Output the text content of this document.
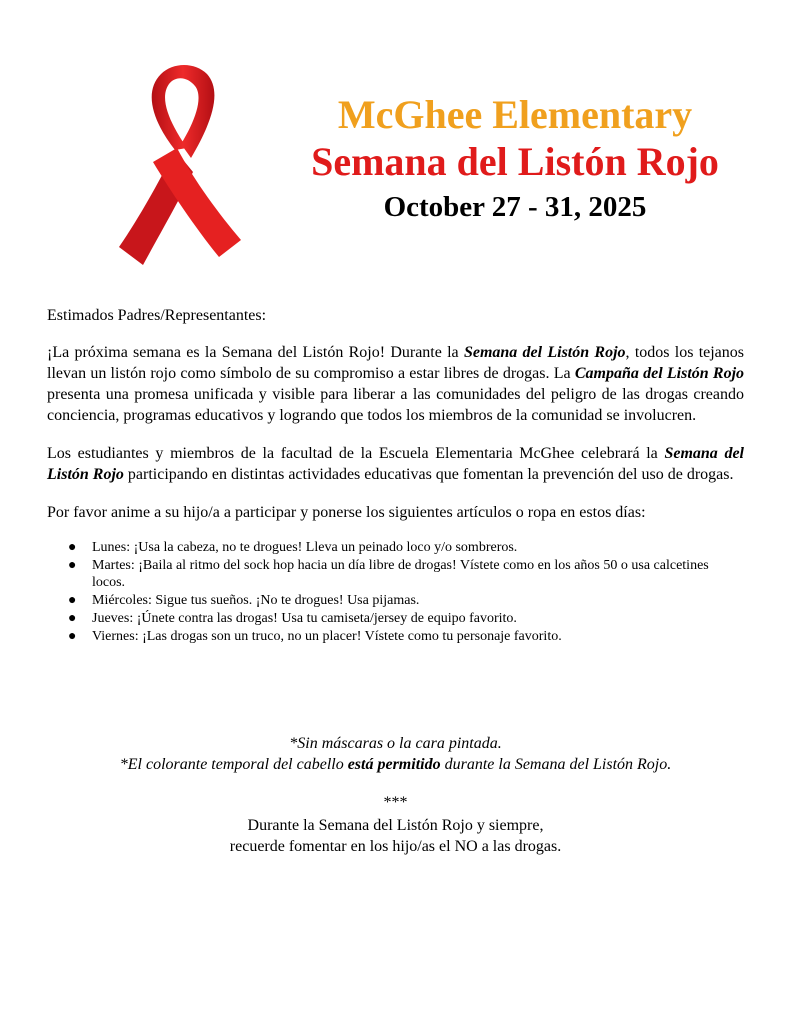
McGhee Elementary
Semana del Listón Rojo
October 27 - 31, 2025

Estimados Padres/Representantes:

¡La próxima semana es la Semana del Listón Rojo! Durante la Semana del Listón Rojo, todos los tejanos llevan un listón rojo como símbolo de su compromiso a estar libres de drogas. La Campaña del Listón Rojo presenta una promesa unificada y visible para liberar a las comunidades del peligro de las drogas creando conciencia, programas educativos y logrando que todos los miembros de la comunidad se involucren.

Los estudiantes y miembros de la facultad de la Escuela Elementaria McGhee celebrará la Semana del Listón Rojo participando en distintas actividades educativas que fomentan la prevención del uso de drogas.

Por favor anime a su hijo/a a participar y ponerse los siguientes artículos o ropa en estos días:

● Lunes: ¡Usa la cabeza, no te drogues! Lleva un peinado loco y/o sombreros.
● Martes: ¡Baila al ritmo del sock hop hacia un día libre de drogas! Vístete como en los años 50 o usa calcetines locos.
● Miércoles: Sigue tus sueños. ¡No te drogues! Usa pijamas.
● Jueves: ¡Únete contra las drogas! Usa tu camiseta/jersey de equipo favorito.
● Viernes: ¡Las drogas son un truco, no un placer! Vístete como tu personaje favorito.
*Sin máscaras o la cara pintada.
*El colorante temporal del cabello está permitido durante la Semana del Listón Rojo.
***
Durante la Semana del Listón Rojo y siempre,
recuerde fomentar en los hijo/as el NO a las drogas.
